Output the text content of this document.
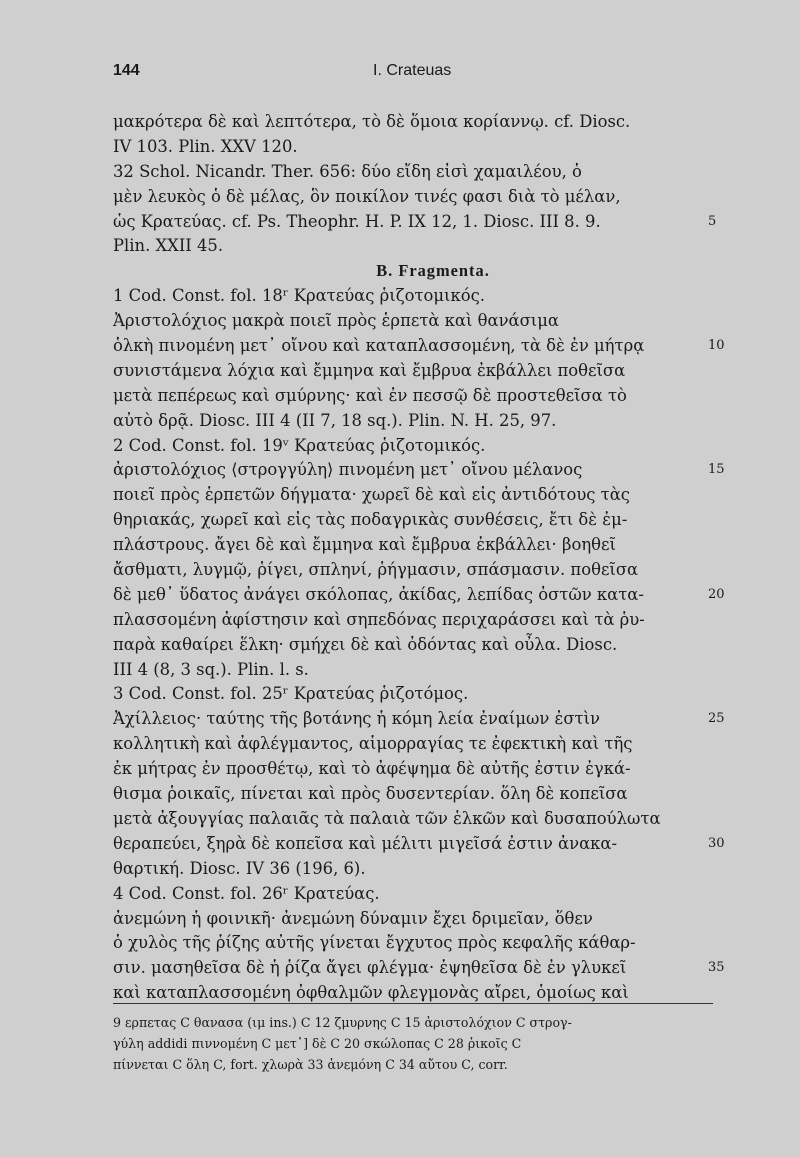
144	I. Crateuas
μακρότερα δὲ καὶ λεπτότερα, τὸ δὲ ὅμοια κορίαννῳ. cf. Diosc.
IV 103. Plin. XXV 120.
32 Schol. Nicandr. Ther. 656: δύο εἴδη εἰσὶ χαμαιλέου, ὁ
μὲν λευκὸς ὁ δὲ μέλας, ὃν ποικίλον τινές φασι διὰ τὸ μέλαν,
ὡς Κρατεύας. cf. Ps. Theophr. H. P. IX 12, 1. Diosc. III 8. 9.	5
Plin. XXII 45.
B. Fragmenta.
1 Cod. Const. fol. 18ʳ Κρατεύας ῥιζοτομικός.
Ἀριστολόχιος μακρὰ ποιεῖ πρὸς ἑρπετὰ καὶ θανάσιμα
ὁλκὴ πινομένη μετ᾽ οἴνου καὶ καταπλασσομένη, τὰ δὲ ἐν μήτρᾳ	10
συνιστάμενα λόχια καὶ ἔμμηνα καὶ ἔμβρυα ἐκβάλλει ποθεῖσα
μετὰ πεπέρεως καὶ σμύρνης· καὶ ἐν πεσσῷ δὲ προστεθεῖσα τὸ
αὐτὸ δρᾷ. Diosc. III 4 (II 7, 18 sq.). Plin. N. H. 25, 97.
2 Cod. Const. fol. 19ᵛ Κρατεύας ῥιζοτομικός.
ἀριστολόχιος ⟨στρογγύλη⟩ πινομένη μετ᾽ οἴνου μέλανος	15
ποιεῖ πρὸς ἑρπετῶν δήγματα· χωρεῖ δὲ καὶ εἰς ἀντιδότους τὰς
θηριακάς, χωρεῖ καὶ εἰς τὰς ποδαγρικὰς συνθέσεις, ἔτι δὲ ἐμ-
πλάστρους. ἄγει δὲ καὶ ἔμμηνα καὶ ἔμβρυα ἐκβάλλει· βοηθεῖ
ἄσθματι, λυγμῷ, ῥίγει, σπληνί, ῥήγμασιν, σπάσμασιν. ποθεῖσα
δὲ μεθ᾽ ὕδατος ἀνάγει σκόλοπας, ἀκίδας, λεπίδας ὀστῶν κατα-	20
πλασσομένη ἀφίστησιν καὶ σηπεδόνας περιχαράσσει καὶ τὰ ῥυ-
παρὰ καθαίρει ἕλκη· σμήχει δὲ καὶ ὀδόντας καὶ οὖλα. Diosc.
III 4 (8, 3 sq.). Plin. l. s.
3 Cod. Const. fol. 25ʳ Κρατεύας ῥιζοτόμος.
Ἀχίλλειος· ταύτης τῆς βοτάνης ἡ κόμη λεία ἐναίμων ἐστὶν	25
κολλητικὴ καὶ ἀφλέγμαντος, αἱμορραγίας τε ἐφεκτικὴ καὶ τῆς
ἐκ μήτρας ἐν προσθέτῳ, καὶ τὸ ἀφέψημα δὲ αὐτῆς ἐστιν ἐγκά-
θισμα ῥοικαῖς, πίνεται καὶ πρὸς δυσεντερίαν. ὅλη δὲ κοπεῖσα
μετὰ ἀξουγγίας παλαιᾶς τὰ παλαιὰ τῶν ἑλκῶν καὶ δυσαπούλωτα
θεραπεύει, ξηρὰ δὲ κοπεῖσα καὶ μέλιτι μιγεῖσά ἐστιν ἀνακα-	30
θαρτική. Diosc. IV 36 (196, 6).
4 Cod. Const. fol. 26ʳ Κρατεύας.
ἀνεμώνη ἡ φοινικῆ· ἀνεμώνη δύναμιν ἔχει δριμεῖαν, ὅθεν
ὁ χυλὸς τῆς ῥίζης αὐτῆς γίνεται ἔγχυτος πρὸς κεφαλῆς κάθαρ-
σιν. μασηθεῖσα δὲ ἡ ῥίζα ἄγει φλέγμα· ἑψηθεῖσα δὲ ἐν γλυκεῖ	35
καὶ καταπλασσομένη ὀφθαλμῶν φλεγμονὰς αἴρει, ὁμοίως καὶ
9 ερπετας C θανασα (ιμ ins.) C 12 ζμυρνης C 15 ἀριστολόχιον C στρογ-
γύλη addidi πιννομένη C μετ᾽] δὲ C 20 σκώλοπας C 28 ῥικοῖς C
πίννεται C ὅλη C, fort. χλωρὰ 33 ἀνεμόνη C 34 αὔτου C, corr.
